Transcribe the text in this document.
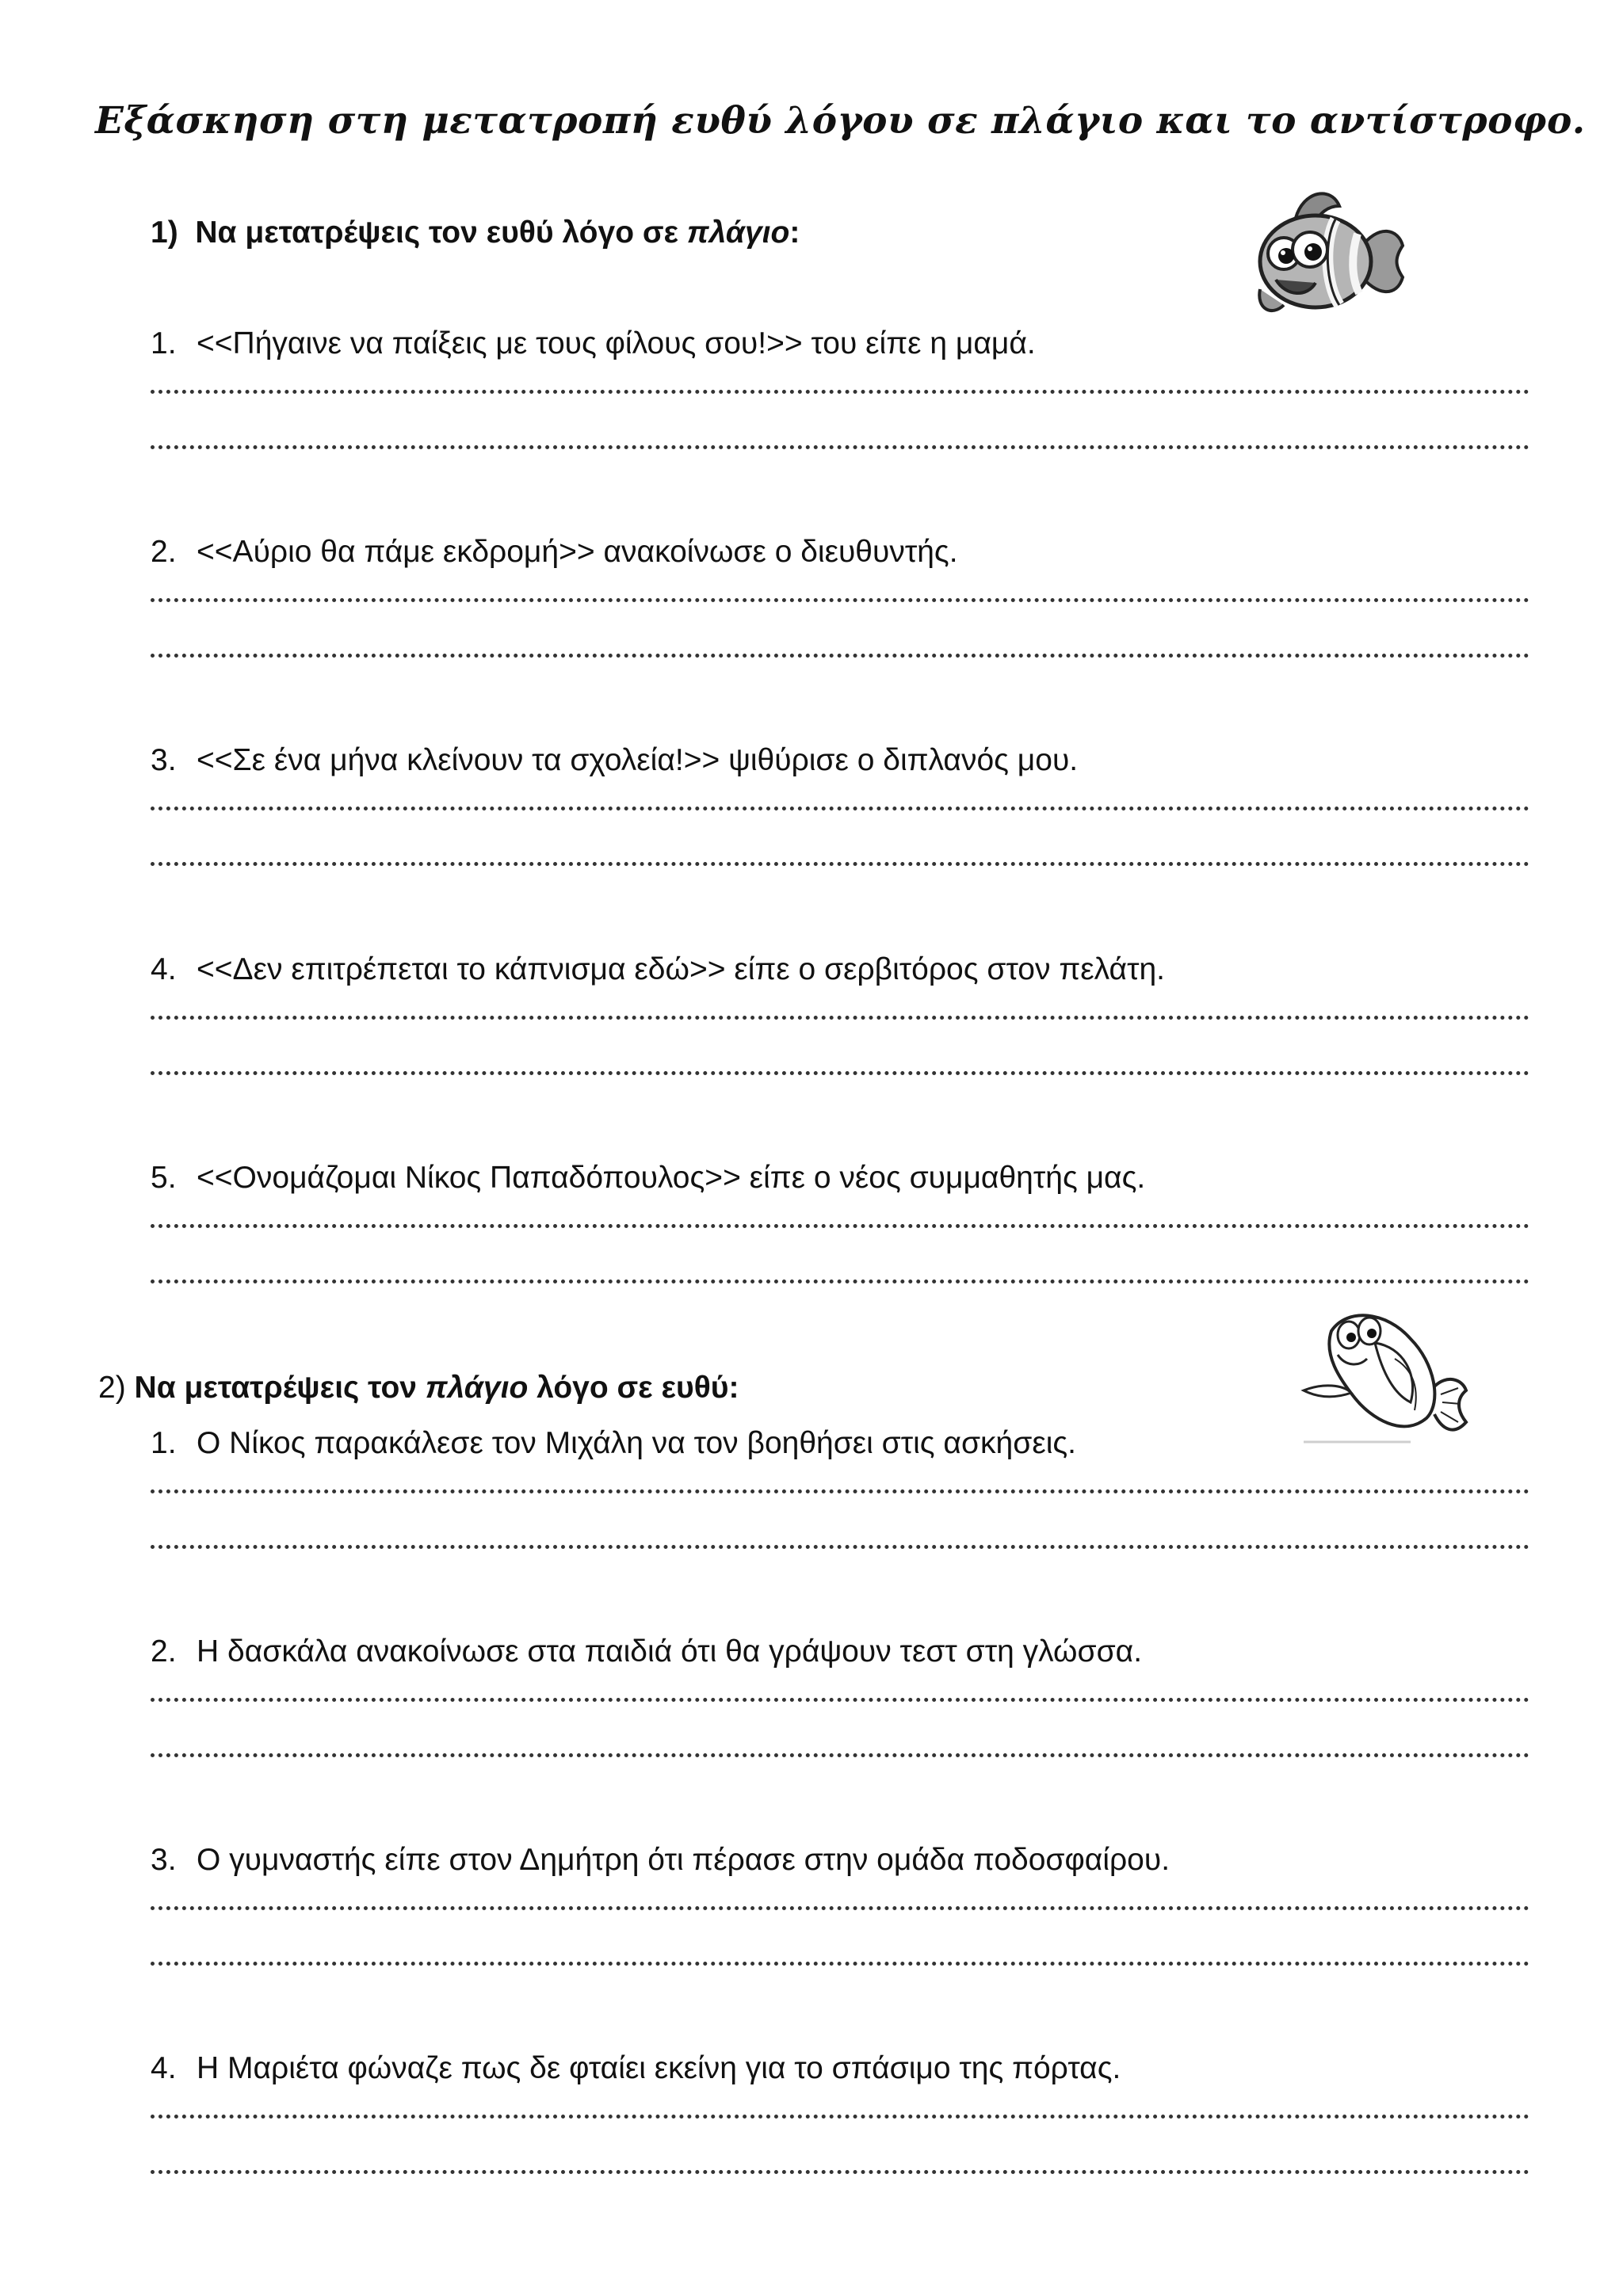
Εξάσκηση στη μετατροπή ευθύ λόγου σε πλάγιο και το αντίστροφο.
1) Να μετατρέψεις τον ευθύ λόγο σε πλάγιο:
1. <<Πήγαινε να παίξεις με τους φίλους σου!>> του είπε η μαμά.
2. <<Αύριο θα πάμε εκδρομή>> ανακοίνωσε ο διευθυντής.
3. <<Σε ένα μήνα κλείνουν τα σχολεία!>> ψιθύρισε ο διπλανός μου.
4. <<Δεν επιτρέπεται το κάπνισμα εδώ>> είπε ο σερβιτόρος στον πελάτη.
5. <<Ονομάζομαι Νίκος Παπαδόπουλος>> είπε ο νέος συμμαθητής μας.
2) Να μετατρέψεις τον πλάγιο λόγο σε ευθύ:
1. Ο Νίκος παρακάλεσε τον Μιχάλη να τον βοηθήσει στις ασκήσεις.
2. Η δασκάλα ανακοίνωσε στα παιδιά ότι θα γράψουν τεστ στη γλώσσα.
3. Ο γυμναστής είπε στον Δημήτρη ότι πέρασε στην ομάδα ποδοσφαίρου.
4. Η Μαριέτα φώναζε πως δε φταίει εκείνη για το σπάσιμο της πόρτας.
